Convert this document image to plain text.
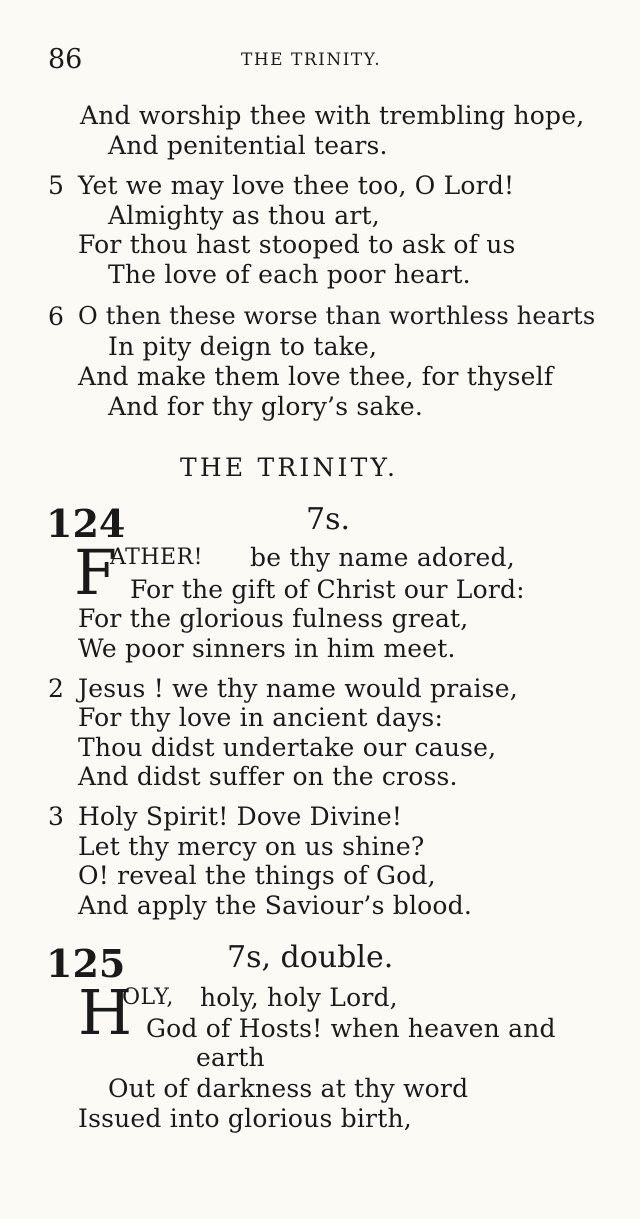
86	THE TRINITY.
And worship thee with trembling hope,
And penitential tears.
5 Yet we may love thee too, O Lord!
Almighty as thou art,
For thou hast stooped to ask of us
The love of each poor heart.
6 O then these worse than worthless hearts
In pity deign to take,
And make them love thee, for thyself
And for thy glory’s sake.
THE TRINITY.
124	7s.
F
ATHER! be thy name adored,
For the gift of Christ our Lord:
For the glorious fulness great,
We poor sinners in him meet.
2 Jesus ! we thy name would praise,
For thy love in ancient days:
Thou didst undertake our cause,
And didst suffer on the cross.
3 Holy Spirit! Dove Divine!
Let thy mercy on us shine?
O! reveal the things of God,
And apply the Saviour’s blood.
125	7s, double.
H
OLY, holy, holy Lord,
God of Hosts! when heaven and
earth
Out of darkness at thy word
Issued into glorious birth,
